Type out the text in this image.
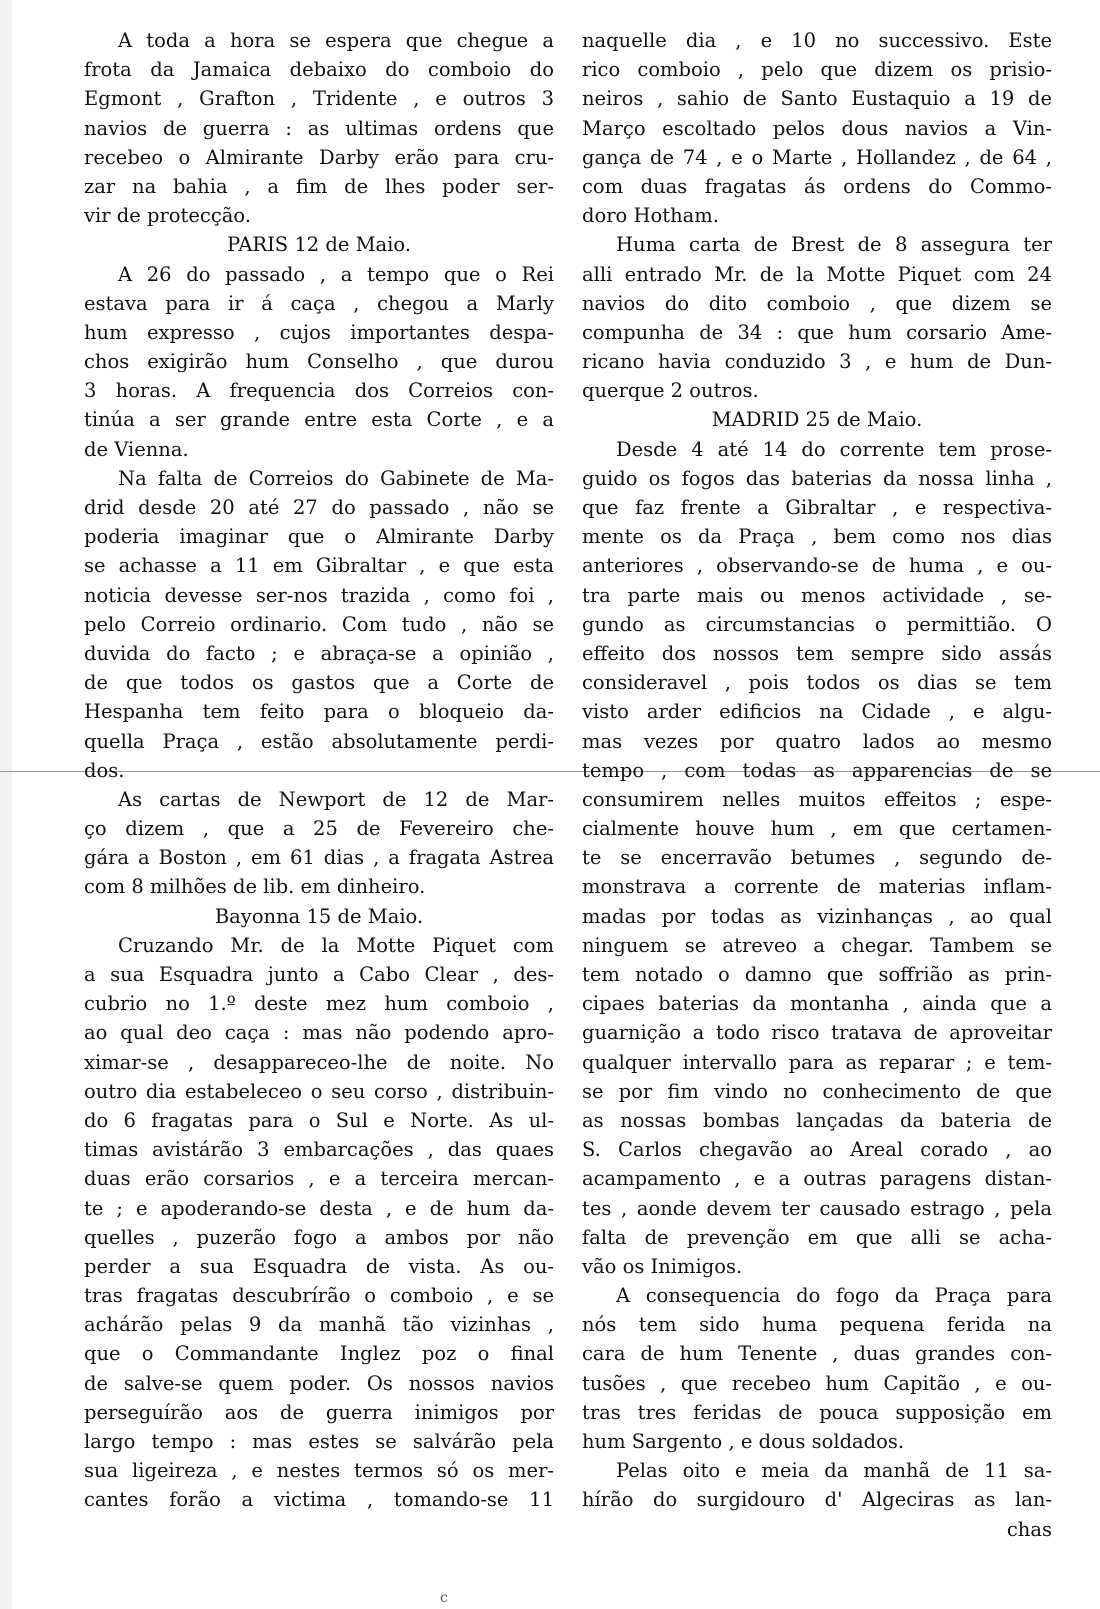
A toda a hora se espera que chegue a
frota da Jamaica debaixo do comboio do
Egmont , Grafton , Tridente , e outros 3
navios de guerra : as ultimas ordens que
recebeo o Almirante Darby erão para cru-
zar na bahia , a fim de lhes poder ser-
vir de protecção.
PARIS 12 de Maio.
A 26 do passado , a tempo que o Rei
estava para ir á caça , chegou a Marly
hum expresso , cujos importantes despa-
chos exigirão hum Conselho , que durou
3 horas. A frequencia dos Correios con-
tinúa a ser grande entre esta Corte , e a
de Vienna.
Na falta de Correios do Gabinete de Ma-
drid desde 20 até 27 do passado , não se
poderia imaginar que o Almirante Darby
se achasse a 11 em Gibraltar , e que esta
noticia devesse ser-nos trazida , como foi ,
pelo Correio ordinario. Com tudo , não se
duvida do facto ; e abraça-se a opinião ,
de que todos os gastos que a Corte de
Hespanha tem feito para o bloqueio da-
quella Praça , estão absolutamente perdi-
dos.
As cartas de Newport de 12 de Mar-
ço dizem , que a 25 de Fevereiro che-
gára a Boston , em 61 dias , a fragata Astrea
com 8 milhões de lib. em dinheiro.
Bayonna 15 de Maio.
Cruzando Mr. de la Motte Piquet com
a sua Esquadra junto a Cabo Clear , des-
cubrio no 1.º deste mez hum comboio ,
ao qual deo caça : mas não podendo apro-
ximar-se , desappareceo-lhe de noite. No
outro dia estabeleceo o seu corso , distribuin-
do 6 fragatas para o Sul e Norte. As ul-
timas avistárão 3 embarcações , das quaes
duas erão corsarios , e a terceira mercan-
te ; e apoderando-se desta , e de hum da-
quelles , puzerão fogo a ambos por não
perder a sua Esquadra de vista. As ou-
tras fragatas descubrírão o comboio , e se
achárão pelas 9 da manhã tão vizinhas ,
que o Commandante Inglez poz o final
de salve-se quem poder. Os nossos navios
perseguírão aos de guerra inimigos por
largo tempo : mas estes se salvárão pela
sua ligeireza , e nestes termos só os mer-
cantes forão a victima , tomando-se 11
naquelle dia , e 10 no successivo. Este
rico comboio , pelo que dizem os prisio-
neiros , sahio de Santo Eustaquio a 19 de
Março escoltado pelos dous navios a Vin-
gança de 74 , e o Marte , Hollandez , de 64 ,
com duas fragatas ás ordens do Commo-
doro Hotham.
Huma carta de Brest de 8 assegura ter
alli entrado Mr. de la Motte Piquet com 24
navios do dito comboio , que dizem se
compunha de 34 : que hum corsario Ame-
ricano havia conduzido 3 , e hum de Dun-
querque 2 outros.
MADRID 25 de Maio.
Desde 4 até 14 do corrente tem prose-
guido os fogos das baterias da nossa linha ,
que faz frente a Gibraltar , e respectiva-
mente os da Praça , bem como nos dias
anteriores , observando-se de huma , e ou-
tra parte mais ou menos actividade , se-
gundo as circumstancias o permittião. O
effeito dos nossos tem sempre sido assás
consideravel , pois todos os dias se tem
visto arder edificios na Cidade , e algu-
mas vezes por quatro lados ao mesmo
tempo , com todas as apparencias de se
consumirem nelles muitos effeitos ; espe-
cialmente houve hum , em que certamen-
te se encerravão betumes , segundo de-
monstrava a corrente de materias inflam-
madas por todas as vizinhanças , ao qual
ninguem se atreveo a chegar. Tambem se
tem notado o damno que soffrião as prin-
cipaes baterias da montanha , ainda que a
guarnição a todo risco tratava de aproveitar
qualquer intervallo para as reparar ; e tem-
se por fim vindo no conhecimento de que
as nossas bombas lançadas da bateria de
S. Carlos chegavão ao Areal corado , ao
acampamento , e a outras paragens distan-
tes , aonde devem ter causado estrago , pela
falta de prevenção em que alli se acha-
vão os Inimigos.
A consequencia do fogo da Praça para
nós tem sido huma pequena ferida na
cara de hum Tenente , duas grandes con-
tusões , que recebeo hum Capitão , e ou-
tras tres feridas de pouca supposição em
hum Sargento , e dous soldados.
Pelas oito e meia da manhã de 11 sa-
hírão do surgidouro d' Algeciras as lan-
chas
c
